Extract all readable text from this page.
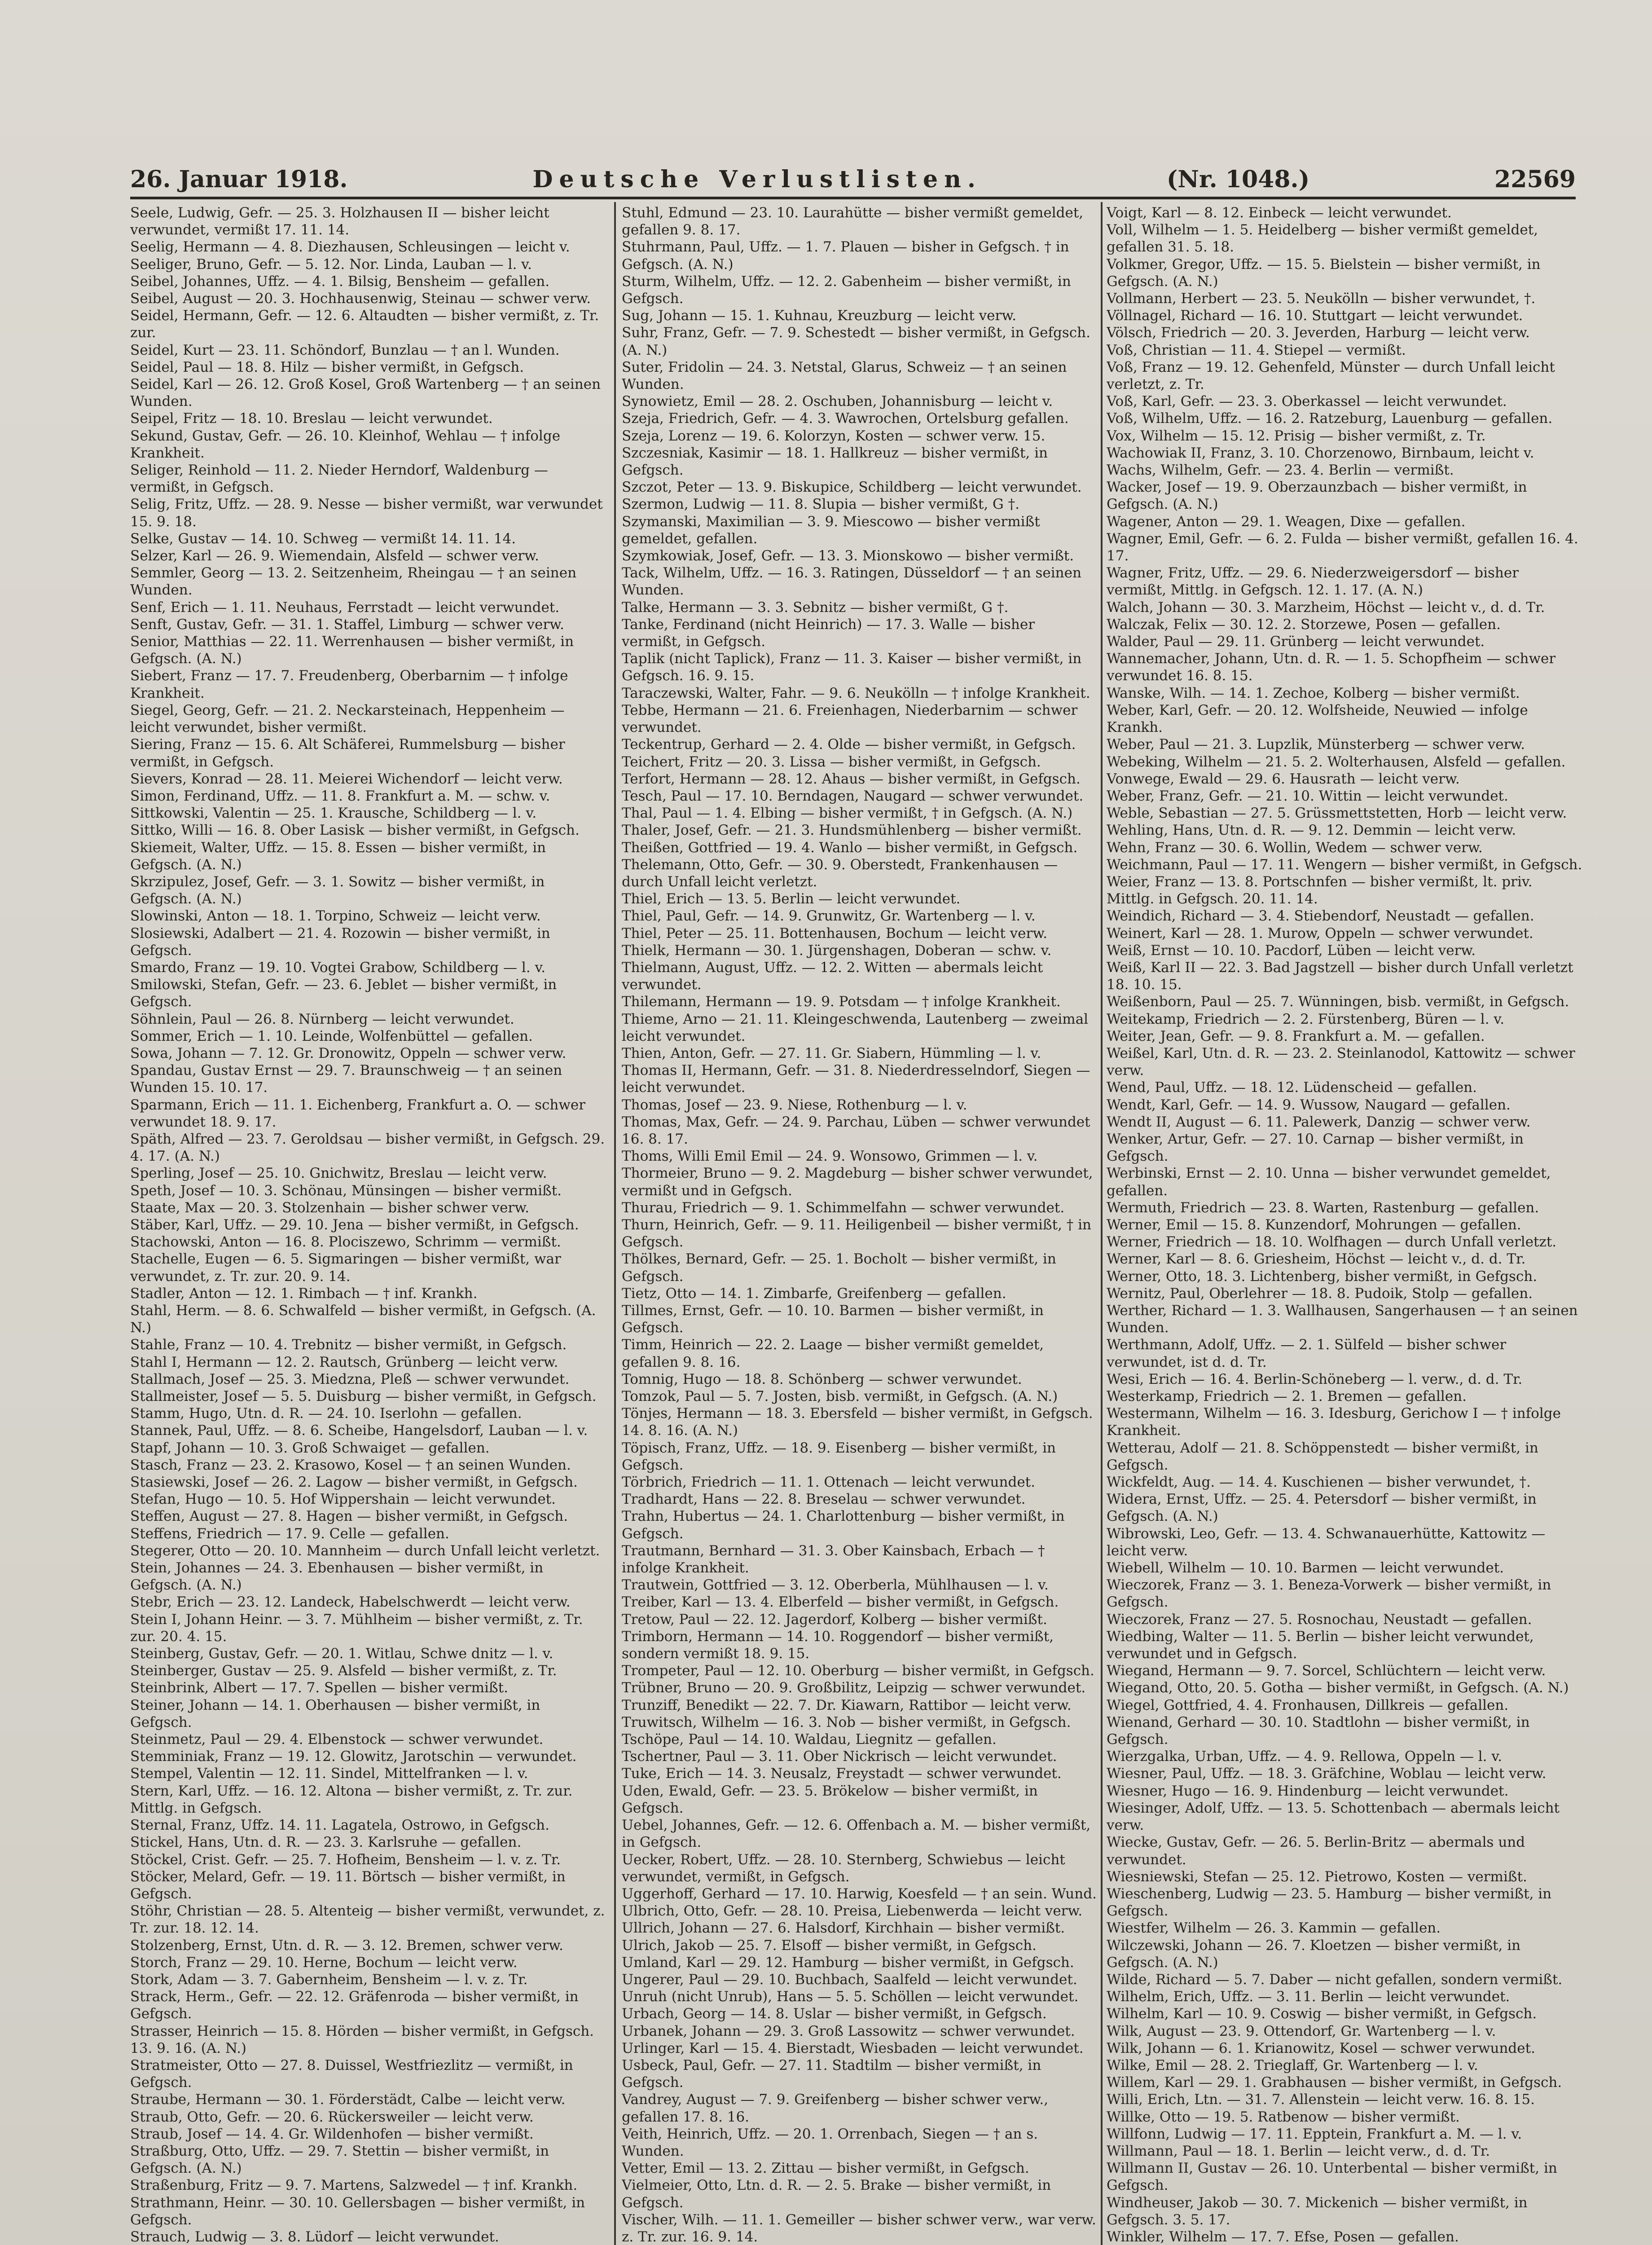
26. Januar 1918.	Deutsche Verlustlisten.	(Nr. 1048.)	22569

Seele, Ludwig, Gefr. — 25. 3. Holzhausen II — bisher leicht verwundet, vermißt 17. 11. 14.

Seelig, Hermann — 4. 8. Diezhausen, Schleusingen — leicht v.

Seeliger, Bruno, Gefr. — 5. 12. Nor. Linda, Lauban — l. v.

Seibel, Johannes, Uffz. — 4. 1. Bilsig, Bensheim — gefallen.

Seibel, August — 20. 3. Hochhausenwig, Steinau — schwer verw.

Seidel, Hermann, Gefr. — 12. 6. Altaudten — bisher vermißt, z. Tr. zur.

Seidel, Kurt — 23. 11. Schöndorf, Bunzlau — † an l. Wunden.

Seidel, Paul — 18. 8. Hilz — bisher vermißt, in Gefgsch.

Seidel, Karl — 26. 12. Groß Kosel, Groß Wartenberg — † an seinen Wunden.

Seipel, Fritz — 18. 10. Breslau — leicht verwundet.

Sekund, Gustav, Gefr. — 26. 10. Kleinhof, Wehlau — † infolge Krankheit.

Seliger, Reinhold — 11. 2. Nieder Herndorf, Waldenburg — vermißt, in Gefgsch.

Selig, Fritz, Uffz. — 28. 9. Nesse — bisher vermißt, war verwundet 15. 9. 18.

Selke, Gustav — 14. 10. Schweg — vermißt 14. 11. 14.

Selzer, Karl — 26. 9. Wiemendain, Alsfeld — schwer verw.

Semmler, Georg — 13. 2. Seitzenheim, Rheingau — † an seinen Wunden.

Senf, Erich — 1. 11. Neuhaus, Ferrstadt — leicht verwundet.

Senft, Gustav, Gefr. — 31. 1. Staffel, Limburg — schwer verw.

Senior, Matthias — 22. 11. Werrenhausen — bisher vermißt, in Gefgsch. (A. N.)

Siebert, Franz — 17. 7. Freudenberg, Oberbarnim — † infolge Krankheit.

Siegel, Georg, Gefr. — 21. 2. Neckarsteinach, Heppenheim — leicht verwundet, bisher vermißt.

Siering, Franz — 15. 6. Alt Schäferei, Rummelsburg — bisher vermißt, in Gefgsch.

Sievers, Konrad — 28. 11. Meierei Wichendorf — leicht verw.

Simon, Ferdinand, Uffz. — 11. 8. Frankfurt a. M. — schw. v.

Sittkowski, Valentin — 25. 1. Krausche, Schildberg — l. v.

Sittko, Willi — 16. 8. Ober Lasisk — bisher vermißt, in Gefgsch.

Skiemeit, Walter, Uffz. — 15. 8. Essen — bisher vermißt, in Gefgsch. (A. N.)

Skrzipulez, Josef, Gefr. — 3. 1. Sowitz — bisher vermißt, in Gefgsch. (A. N.)

Slowinski, Anton — 18. 1. Torpino, Schweiz — leicht verw.

Slosiewski, Adalbert — 21. 4. Rozowin — bisher vermißt, in Gefgsch.

Smardo, Franz — 19. 10. Vogtei Grabow, Schildberg — l. v.

Smilowski, Stefan, Gefr. — 23. 6. Jeblet — bisher vermißt, in Gefgsch.

Söhnlein, Paul — 26. 8. Nürnberg — leicht verwundet.

Sommer, Erich — 1. 10. Leinde, Wolfenbüttel — gefallen.

Sowa, Johann — 7. 12. Gr. Dronowitz, Oppeln — schwer verw.

Spandau, Gustav Ernst — 29. 7. Braunschweig — † an seinen Wunden 15. 10. 17.

Sparmann, Erich — 11. 1. Eichenberg, Frankfurt a. O. — schwer verwundet 18. 9. 17.

Späth, Alfred — 23. 7. Geroldsau — bisher vermißt, in Gefgsch. 29. 4. 17. (A. N.)

Sperling, Josef — 25. 10. Gnichwitz, Breslau — leicht verw.

Speth, Josef — 10. 3. Schönau, Münsingen — bisher vermißt.

Staate, Max — 20. 3. Stolzenhain — bisher schwer verw.

Stäber, Karl, Uffz. — 29. 10. Jena — bisher vermißt, in Gefgsch.

Stachowski, Anton — 16. 8. Plociszewo, Schrimm — vermißt.

Stachelle, Eugen — 6. 5. Sigmaringen — bisher vermißt, war verwundet, z. Tr. zur. 20. 9. 14.

Stadler, Anton — 12. 1. Rimbach — † inf. Krankh.

Stahl, Herm. — 8. 6. Schwalfeld — bisher vermißt, in Gefgsch. (A. N.)

Stahle, Franz — 10. 4. Trebnitz — bisher vermißt, in Gefgsch.

Stahl I, Hermann — 12. 2. Rautsch, Grünberg — leicht verw.

Stallmach, Josef — 25. 3. Miedzna, Pleß — schwer verwundet.

Stallmeister, Josef — 5. 5. Duisburg — bisher vermißt, in Gefgsch.

Stamm, Hugo, Utn. d. R. — 24. 10. Iserlohn — gefallen.

Stannek, Paul, Uffz. — 8. 6. Scheibe, Hangelsdorf, Lauban — l. v.

Stapf, Johann — 10. 3. Groß Schwaiget — gefallen.

Stasch, Franz — 23. 2. Krasowo, Kosel — † an seinen Wunden.

Stasiewski, Josef — 26. 2. Lagow — bisher vermißt, in Gefgsch.

Stefan, Hugo — 10. 5. Hof Wippershain — leicht verwundet.

Steffen, August — 27. 8. Hagen — bisher vermißt, in Gefgsch.

Steffens, Friedrich — 17. 9. Celle — gefallen.

Stegerer, Otto — 20. 10. Mannheim — durch Unfall leicht verletzt.

Stein, Johannes — 24. 3. Ebenhausen — bisher vermißt, in Gefgsch. (A. N.)

Stebr, Erich — 23. 12. Landeck, Habelschwerdt — leicht verw.

Stein I, Johann Heinr. — 3. 7. Mühlheim — bisher vermißt, z. Tr. zur. 20. 4. 15.

Steinberg, Gustav, Gefr. — 20. 1. Witlau, Schwe dnitz — l. v.

Steinberger, Gustav — 25. 9. Alsfeld — bisher vermißt, z. Tr.

Steinbrink, Albert — 17. 7. Spellen — bisher vermißt.

Steiner, Johann — 14. 1. Oberhausen — bisher vermißt, in Gefgsch.

Steinmetz, Paul — 29. 4. Elbenstock — schwer verwundet.

Stemminiak, Franz — 19. 12. Glowitz, Jarotschin — verwundet.

Stempel, Valentin — 12. 11. Sindel, Mittelfranken — l. v.

Stern, Karl, Uffz. — 16. 12. Altona — bisher vermißt, z. Tr. zur. Mittlg. in Gefgsch.

Sternal, Franz, Uffz. 14. 11. Lagatela, Ostrowo, in Gefgsch.

Stickel, Hans, Utn. d. R. — 23. 3. Karlsruhe — gefallen.

Stöckel, Crist. Gefr. — 25. 7. Hofheim, Bensheim — l. v. z. Tr.

Stöcker, Melard, Gefr. — 19. 11. Börtsch — bisher vermißt, in Gefgsch.

Stöhr, Christian — 28. 5. Altenteig — bisher vermißt, verwundet, z. Tr. zur. 18. 12. 14.

Stolzenberg, Ernst, Utn. d. R. — 3. 12. Bremen, schwer verw.

Storch, Franz — 29. 10. Herne, Bochum — leicht verw.

Stork, Adam — 3. 7. Gabernheim, Bensheim — l. v. z. Tr.

Strack, Herm., Gefr. — 22. 12. Gräfenroda — bisher vermißt, in Gefgsch.

Strasser, Heinrich — 15. 8. Hörden — bisher vermißt, in Gefgsch. 13. 9. 16. (A. N.)

Stratmeister, Otto — 27. 8. Duissel, Westfriezlitz — vermißt, in Gefgsch.

Straube, Hermann — 30. 1. Förderstädt, Calbe — leicht verw.

Straub, Otto, Gefr. — 20. 6. Rückersweiler — leicht verw.

Straub, Josef — 14. 4. Gr. Wildenhofen — bisher vermißt.

Straßburg, Otto, Uffz. — 29. 7. Stettin — bisher vermißt, in Gefgsch. (A. N.)

Straßenburg, Fritz — 9. 7. Martens, Salzwedel — † inf. Krankh.

Strathmann, Heinr. — 30. 10. Gellersbagen — bisher vermißt, in Gefgsch.

Strauch, Ludwig — 3. 8. Lüdorf — leicht verwundet.

Stuhl, Edmund — 23. 10. Laurahütte — bisher vermißt gemeldet, gefallen 9. 8. 17.

Stuhrmann, Paul, Uffz. — 1. 7. Plauen — bisher in Gefgsch. † in Gefgsch. (A. N.)

Sturm, Wilhelm, Uffz. — 12. 2. Gabenheim — bisher vermißt, in Gefgsch.

Sug, Johann — 15. 1. Kuhnau, Kreuzburg — leicht verw.

Suhr, Franz, Gefr. — 7. 9. Schestedt — bisher vermißt, in Gefgsch. (A. N.)

Suter, Fridolin — 24. 3. Netstal, Glarus, Schweiz — † an seinen Wunden.

Synowietz, Emil — 28. 2. Oschuben, Johannisburg — leicht v.

Szeja, Friedrich, Gefr. — 4. 3. Wawrochen, Ortelsburg gefallen.

Szeja, Lorenz — 19. 6. Kolorzyn, Kosten — schwer verw. 15.

Szczesniak, Kasimir — 18. 1. Hallkreuz — bisher vermißt, in Gefgsch.

Szczot, Peter — 13. 9. Biskupice, Schildberg — leicht verwundet.

Szermon, Ludwig — 11. 8. Slupia — bisher vermißt, G †.

Szymanski, Maximilian — 3. 9. Miescowo — bisher vermißt gemeldet, gefallen.

Szymkowiak, Josef, Gefr. — 13. 3. Mionskowo — bisher vermißt.

Tack, Wilhelm, Uffz. — 16. 3. Ratingen, Düsseldorf — † an seinen Wunden.

Talke, Hermann — 3. 3. Sebnitz — bisher vermißt, G †.

Tanke, Ferdinand (nicht Heinrich) — 17. 3. Walle — bisher vermißt, in Gefgsch.

Taplik (nicht Taplick), Franz — 11. 3. Kaiser — bisher vermißt, in Gefgsch. 16. 9. 15.

Taraczewski, Walter, Fahr. — 9. 6. Neukölln — † infolge Krankheit.

Tebbe, Hermann — 21. 6. Freienhagen, Niederbarnim — schwer verwundet.

Teckentrup, Gerhard — 2. 4. Olde — bisher vermißt, in Gefgsch.

Teichert, Fritz — 20. 3. Lissa — bisher vermißt, in Gefgsch.

Terfort, Hermann — 28. 12. Ahaus — bisher vermißt, in Gefgsch.

Tesch, Paul — 17. 10. Berndagen, Naugard — schwer verwundet.

Thal, Paul — 1. 4. Elbing — bisher vermißt, † in Gefgsch. (A. N.)

Thaler, Josef, Gefr. — 21. 3. Hundsmühlenberg — bisher vermißt.

Theißen, Gottfried — 19. 4. Wanlo — bisher vermißt, in Gefgsch.

Thelemann, Otto, Gefr. — 30. 9. Oberstedt, Frankenhausen — durch Unfall leicht verletzt.

Thiel, Erich — 13. 5. Berlin — leicht verwundet.

Thiel, Paul, Gefr. — 14. 9. Grunwitz, Gr. Wartenberg — l. v.

Thiel, Peter — 25. 11. Bottenhausen, Bochum — leicht verw.

Thielk, Hermann — 30. 1. Jürgenshagen, Doberan — schw. v.

Thielmann, August, Uffz. — 12. 2. Witten — abermals leicht verwundet.

Thilemann, Hermann — 19. 9. Potsdam — † infolge Krankheit.

Thieme, Arno — 21. 11. Kleingeschwenda, Lautenberg — zweimal leicht verwundet.

Thien, Anton, Gefr. — 27. 11. Gr. Siabern, Hümmling — l. v.

Thomas II, Hermann, Gefr. — 31. 8. Niederdresselndorf, Siegen — leicht verwundet.

Thomas, Josef — 23. 9. Niese, Rothenburg — l. v.

Thomas, Max, Gefr. — 24. 9. Parchau, Lüben — schwer verwundet 16. 8. 17.

Thoms, Willi Emil Emil — 24. 9. Wonsowo, Grimmen — l. v.

Thormeier, Bruno — 9. 2. Magdeburg — bisher schwer verwundet, vermißt und in Gefgsch.

Thurau, Friedrich — 9. 1. Schimmelfahn — schwer verwundet.

Thurn, Heinrich, Gefr. — 9. 11. Heiligenbeil — bisher vermißt, † in Gefgsch.

Thölkes, Bernard, Gefr. — 25. 1. Bocholt — bisher vermißt, in Gefgsch.

Tietz, Otto — 14. 1. Zimbarfe, Greifenberg — gefallen.

Tillmes, Ernst, Gefr. — 10. 10. Barmen — bisher vermißt, in Gefgsch.

Timm, Heinrich — 22. 2. Laage — bisher vermißt gemeldet, gefallen 9. 8. 16.

Tomnig, Hugo — 18. 8. Schönberg — schwer verwundet.

Tomzok, Paul — 5. 7. Josten, bisb. vermißt, in Gefgsch. (A. N.)

Tönjes, Hermann — 18. 3. Ebersfeld — bisher vermißt, in Gefgsch. 14. 8. 16. (A. N.)

Töpisch, Franz, Uffz. — 18. 9. Eisenberg — bisher vermißt, in Gefgsch.

Törbrich, Friedrich — 11. 1. Ottenach — leicht verwundet.

Tradhardt, Hans — 22. 8. Breselau — schwer verwundet.

Trahn, Hubertus — 24. 1. Charlottenburg — bisher vermißt, in Gefgsch.

Trautmann, Bernhard — 31. 3. Ober Kainsbach, Erbach — † infolge Krankheit.

Trautwein, Gottfried — 3. 12. Oberberla, Mühlhausen — l. v.

Treiber, Karl — 13. 4. Elberfeld — bisher vermißt, in Gefgsch.

Tretow, Paul — 22. 12. Jagerdorf, Kolberg — bisher vermißt.

Trimborn, Hermann — 14. 10. Roggendorf — bisher vermißt, sondern vermißt 18. 9. 15.

Trompeter, Paul — 12. 10. Oberburg — bisher vermißt, in Gefgsch.

Trübner, Bruno — 20. 9. Großbilitz, Leipzig — schwer verwundet.

Trunziff, Benedikt — 22. 7. Dr. Kiawarn, Rattibor — leicht verw.

Truwitsch, Wilhelm — 16. 3. Nob — bisher vermißt, in Gefgsch.

Tschöpe, Paul — 14. 10. Waldau, Liegnitz — gefallen.

Tschertner, Paul — 3. 11. Ober Nickrisch — leicht verwundet.

Tuke, Erich — 14. 3. Neusalz, Freystadt — schwer verwundet.

Uden, Ewald, Gefr. — 23. 5. Brökelow — bisher vermißt, in Gefgsch.

Uebel, Johannes, Gefr. — 12. 6. Offenbach a. M. — bisher vermißt, in Gefgsch.

Uecker, Robert, Uffz. — 28. 10. Sternberg, Schwiebus — leicht verwundet, vermißt, in Gefgsch.

Uggerhoff, Gerhard — 17. 10. Harwig, Koesfeld — † an sein. Wund.

Ulbrich, Otto, Gefr. — 28. 10. Preisa, Liebenwerda — leicht verw.

Ullrich, Johann — 27. 6. Halsdorf, Kirchhain — bisher vermißt.

Ulrich, Jakob — 25. 7. Elsoff — bisher vermißt, in Gefgsch.

Umland, Karl — 29. 12. Hamburg — bisher vermißt, in Gefgsch.

Ungerer, Paul — 29. 10. Buchbach, Saalfeld — leicht verwundet.

Unruh (nicht Unrub), Hans — 5. 5. Schöllen — leicht verwundet.

Urbach, Georg — 14. 8. Uslar — bisher vermißt, in Gefgsch.

Urbanek, Johann — 29. 3. Groß Lassowitz — schwer verwundet.

Urlinger, Karl — 15. 4. Bierstadt, Wiesbaden — leicht verwundet.

Usbeck, Paul, Gefr. — 27. 11. Stadtilm — bisher vermißt, in Gefgsch.

Vandrey, August — 7. 9. Greifenberg — bisher schwer verw., gefallen 17. 8. 16.

Veith, Heinrich, Uffz. — 20. 1. Orrenbach, Siegen — † an s. Wunden.

Vetter, Emil — 13. 2. Zittau — bisher vermißt, in Gefgsch.

Vielmeier, Otto, Ltn. d. R. — 2. 5. Brake — bisher vermißt, in Gefgsch.

Vischer, Wilh. — 11. 1. Gemeiller — bisher schwer verw., war verw. z. Tr. zur. 16. 9. 14.

Voigt, Karl — 8. 12. Einbeck — leicht verwundet.

Voll, Wilhelm — 1. 5. Heidelberg — bisher vermißt gemeldet, gefallen 31. 5. 18.

Volkmer, Gregor, Uffz. — 15. 5. Bielstein — bisher vermißt, in Gefgsch. (A. N.)

Vollmann, Herbert — 23. 5. Neukölln — bisher verwundet, †.

Völlnagel, Richard — 16. 10. Stuttgart — leicht verwundet.

Völsch, Friedrich — 20. 3. Jeverden, Harburg — leicht verw.

Voß, Christian — 11. 4. Stiepel — vermißt.

Voß, Franz — 19. 12. Gehenfeld, Münster — durch Unfall leicht verletzt, z. Tr.

Voß, Karl, Gefr. — 23. 3. Oberkassel — leicht verwundet.

Voß, Wilhelm, Uffz. — 16. 2. Ratzeburg, Lauenburg — gefallen.

Vox, Wilhelm — 15. 12. Prisig — bisher vermißt, z. Tr.

Wachowiak II, Franz, 3. 10. Chorzenowo, Birnbaum, leicht v.

Wachs, Wilhelm, Gefr. — 23. 4. Berlin — vermißt.

Wacker, Josef — 19. 9. Oberzaunzbach — bisher vermißt, in Gefgsch. (A. N.)

Wagener, Anton — 29. 1. Weagen, Dixe — gefallen.

Wagner, Emil, Gefr. — 6. 2. Fulda — bisher vermißt, gefallen 16. 4. 17.

Wagner, Fritz, Uffz. — 29. 6. Niederzweigersdorf — bisher vermißt, Mittlg. in Gefgsch. 12. 1. 17. (A. N.)

Walch, Johann — 30. 3. Marzheim, Höchst — leicht v., d. d. Tr.

Walczak, Felix — 30. 12. 2. Storzewe, Posen — gefallen.

Walder, Paul — 29. 11. Grünberg — leicht verwundet.

Wannemacher, Johann, Utn. d. R. — 1. 5. Schopfheim — schwer verwundet 16. 8. 15.

Wanske, Wilh. — 14. 1. Zechoe, Kolberg — bisher vermißt.

Weber, Karl, Gefr. — 20. 12. Wolfsheide, Neuwied — infolge Krankh.

Weber, Paul — 21. 3. Lupzlik, Münsterberg — schwer verw.

Webeking, Wilhelm — 21. 5. 2. Wolterhausen, Alsfeld — gefallen.

Vonwege, Ewald — 29. 6. Hausrath — leicht verw.

Weber, Franz, Gefr. — 21. 10. Wittin — leicht verwundet.

Weble, Sebastian — 27. 5. Grüssmettstetten, Horb — leicht verw.

Wehling, Hans, Utn. d. R. — 9. 12. Demmin — leicht verw.

Wehn, Franz — 30. 6. Wollin, Wedem — schwer verw.

Weichmann, Paul — 17. 11. Wengern — bisher vermißt, in Gefgsch.

Weier, Franz — 13. 8. Portschnfen — bisher vermißt, lt. priv. Mittlg. in Gefgsch. 20. 11. 14.

Weindich, Richard — 3. 4. Stiebendorf, Neustadt — gefallen.

Weinert, Karl — 28. 1. Murow, Oppeln — schwer verwundet.

Weiß, Ernst — 10. 10. Pacdorf, Lüben — leicht verw.

Weiß, Karl II — 22. 3. Bad Jagstzell — bisher durch Unfall verletzt 18. 10. 15.

Weißenborn, Paul — 25. 7. Wünningen, bisb. vermißt, in Gefgsch.

Weitekamp, Friedrich — 2. 2. Fürstenberg, Büren — l. v.

Weiter, Jean, Gefr. — 9. 8. Frankfurt a. M. — gefallen.

Weißel, Karl, Utn. d. R. — 23. 2. Steinlanodol, Kattowitz — schwer verw.

Wend, Paul, Uffz. — 18. 12. Lüdenscheid — gefallen.

Wendt, Karl, Gefr. — 14. 9. Wussow, Naugard — gefallen.

Wendt II, August — 6. 11. Palewerk, Danzig — schwer verw.

Wenker, Artur, Gefr. — 27. 10. Carnap — bisher vermißt, in Gefgsch.

Werbinski, Ernst — 2. 10. Unna — bisher verwundet gemeldet, gefallen.

Wermuth, Friedrich — 23. 8. Warten, Rastenburg — gefallen.

Werner, Emil — 15. 8. Kunzendorf, Mohrungen — gefallen.

Werner, Friedrich — 18. 10. Wolfhagen — durch Unfall verletzt.

Werner, Karl — 8. 6. Griesheim, Höchst — leicht v., d. d. Tr.

Werner, Otto, 18. 3. Lichtenberg, bisher vermißt, in Gefgsch.

Wernitz, Paul, Oberlehrer — 18. 8. Pudoik, Stolp — gefallen.

Werther, Richard — 1. 3. Wallhausen, Sangerhausen — † an seinen Wunden.

Werthmann, Adolf, Uffz. — 2. 1. Sülfeld — bisher schwer verwundet, ist d. d. Tr.

Wesi, Erich — 16. 4. Berlin-Schöneberg — l. verw., d. d. Tr.

Westerkamp, Friedrich — 2. 1. Bremen — gefallen.

Westermann, Wilhelm — 16. 3. Idesburg, Gerichow I — † infolge Krankheit.

Wetterau, Adolf — 21. 8. Schöppenstedt — bisher vermißt, in Gefgsch.

Wickfeldt, Aug. — 14. 4. Kuschienen — bisher verwundet, †.

Widera, Ernst, Uffz. — 25. 4. Petersdorf — bisher vermißt, in Gefgsch. (A. N.)

Wibrowski, Leo, Gefr. — 13. 4. Schwanauerhütte, Kattowitz — leicht verw.

Wiebell, Wilhelm — 10. 10. Barmen — leicht verwundet.

Wieczorek, Franz — 3. 1. Beneza-Vorwerk — bisher vermißt, in Gefgsch.

Wieczorek, Franz — 27. 5. Rosnochau, Neustadt — gefallen.

Wiedbing, Walter — 11. 5. Berlin — bisher leicht verwundet, verwundet und in Gefgsch.

Wiegand, Hermann — 9. 7. Sorcel, Schlüchtern — leicht verw.

Wiegand, Otto, 20. 5. Gotha — bisher vermißt, in Gefgsch. (A. N.)

Wiegel, Gottfried, 4. 4. Fronhausen, Dillkreis — gefallen.

Wienand, Gerhard — 30. 10. Stadtlohn — bisher vermißt, in Gefgsch.

Wierzgalka, Urban, Uffz. — 4. 9. Rellowa, Oppeln — l. v.

Wiesner, Paul, Uffz. — 18. 3. Gräfchine, Woblau — leicht verw.

Wiesner, Hugo — 16. 9. Hindenburg — leicht verwundet.

Wiesinger, Adolf, Uffz. — 13. 5. Schottenbach — abermals leicht verw.

Wiecke, Gustav, Gefr. — 26. 5. Berlin-Britz — abermals und verwundet.

Wiesniewski, Stefan — 25. 12. Pietrowo, Kosten — vermißt.

Wieschenberg, Ludwig — 23. 5. Hamburg — bisher vermißt, in Gefgsch.

Wiestfer, Wilhelm — 26. 3. Kammin — gefallen.

Wilczewski, Johann — 26. 7. Kloetzen — bisher vermißt, in Gefgsch. (A. N.)

Wilde, Richard — 5. 7. Daber — nicht gefallen, sondern vermißt.

Wilhelm, Erich, Uffz. — 3. 11. Berlin — leicht verwundet.

Wilhelm, Karl — 10. 9. Coswig — bisher vermißt, in Gefgsch.

Wilk, August — 23. 9. Ottendorf, Gr. Wartenberg — l. v.

Wilk, Johann — 6. 1. Krianowitz, Kosel — schwer verwundet.

Wilke, Emil — 28. 2. Trieglaff, Gr. Wartenberg — l. v.

Willem, Karl — 29. 1. Grabhausen — bisher vermißt, in Gefgsch.

Willi, Erich, Ltn. — 31. 7. Allenstein — leicht verw. 16. 8. 15.

Willke, Otto — 19. 5. Ratbenow — bisher vermißt.

Willfonn, Ludwig — 17. 11. Epptein, Frankfurt a. M. — l. v.

Willmann, Paul — 18. 1. Berlin — leicht verw., d. d. Tr.

Willmann II, Gustav — 26. 10. Unterbental — bisher vermißt, in Gefgsch.

Windheuser, Jakob — 30. 7. Mickenich — bisher vermißt, in Gefgsch. 3. 5. 17.

Winkler, Wilhelm — 17. 7. Efse, Posen — gefallen.
